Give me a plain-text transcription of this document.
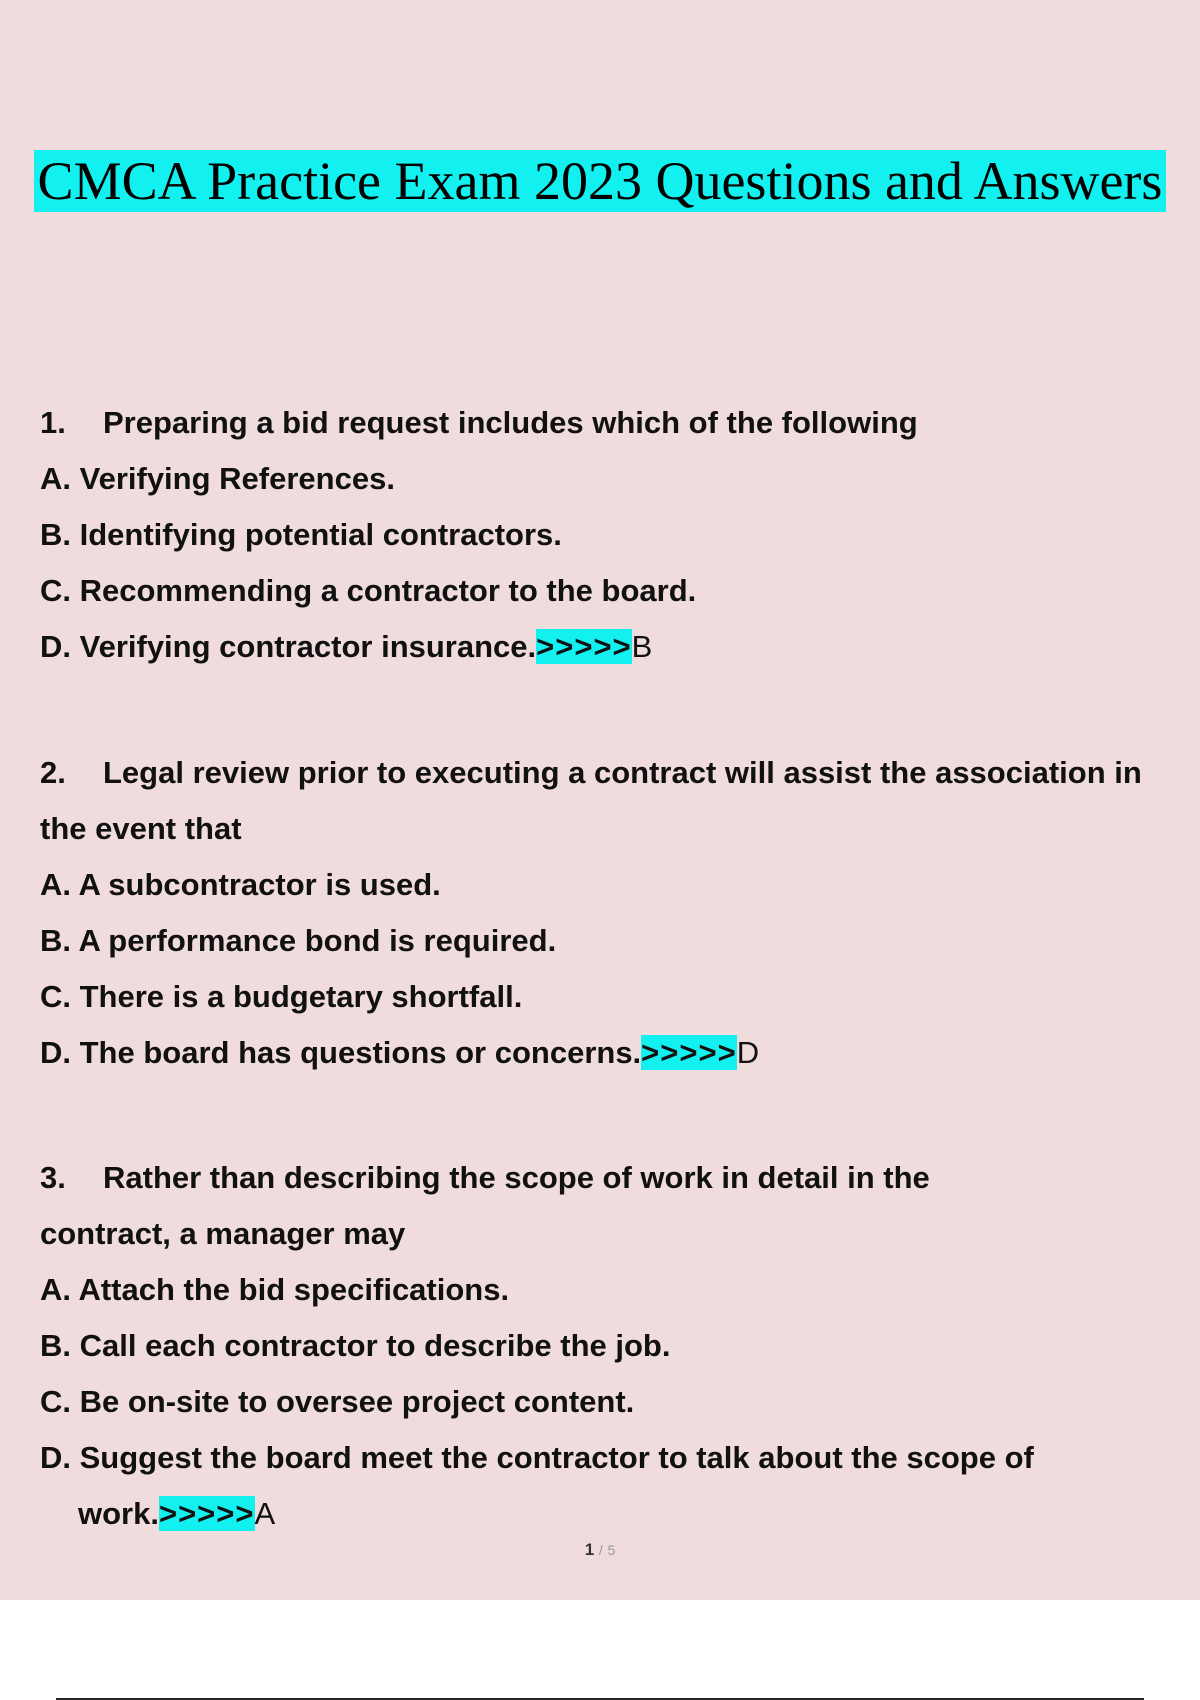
CMCA Practice Exam 2023 Questions and Answers
1. Preparing a bid request includes which of the following
A. Verifying References.
B. Identifying potential contractors.
C. Recommending a contractor to the board.
D. Verifying contractor insurance.>>>>>B
2. Legal review prior to executing a contract will assist the association in
the event that
A. A subcontractor is used.
B. A performance bond is required.
C. There is a budgetary shortfall.
D. The board has questions or concerns.>>>>>D
3. Rather than describing the scope of work in detail in the
contract, a manager may
A. Attach the bid specifications.
B. Call each contractor to describe the job.
C. Be on-site to oversee project content.
D. Suggest the board meet the contractor to talk about the scope of
work.>>>>>A
1 / 5
